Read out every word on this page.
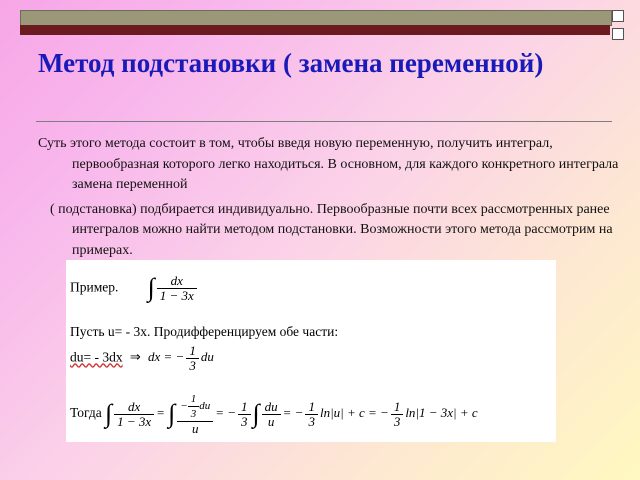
Метод подстановки ( замена переменной)

Суть этого метода состоит в том, чтобы введя новую переменную, получить интеграл, первообразная которого легко находиться. В основном, для каждого конкретного интеграла замена переменной

( подстановка) подбирается индивидуально. Первообразные почти всех рассмотренных ранее интегралов можно найти методом подстановки. Возможности этого метода рассмотрим на примерах.

Пример. ∫ $\frac{dx}{1 - 3x}$
Пусть u= - 3x. Продифференцируем обе части:
du= - 3dx ⇒ dx = − $\frac{1}{3}$ du
Тогда ∫ $\frac{dx}{1 - 3x}$ = ∫ $\frac{- \frac{1}{3} du}{u}$ = − $\frac{1}{3}$ ∫ $\frac{du}{u}$ = − $\frac{1}{3} \ln|u| + c$ = − $\frac{1}{3} \ln|1 - 3x| + c$
